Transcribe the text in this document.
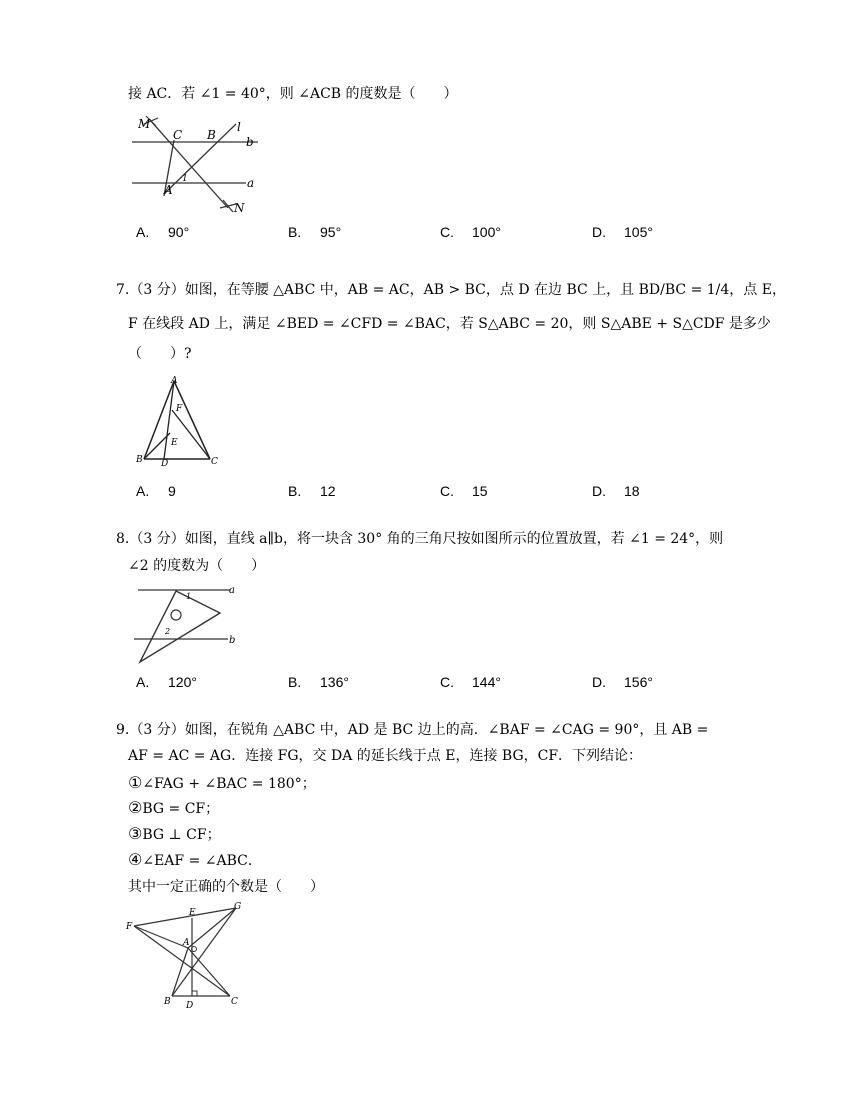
接 AC．若 ∠1 = 40°，则 ∠ACB 的度数是（　　）
M
C B
l
b
a
A
1
N
A. 90°	B. 95°	C. 100°	D. 105°
7.（3 分）如图，在等腰 △ABC 中，AB = AC，AB > BC，点 D 在边 BC 上，且 BD/BC = 1/4，点 E，
F 在线段 AD 上，满足 ∠BED = ∠CFD = ∠BAC，若 S△ABC = 20，则 S△ABE + S△CDF 是多少
（　　）?
A
F
E
B D	C
A. 9	B. 12	C. 15	D. 18
8.（3 分）如图，直线 a∥b，将一块含 30° 角的三角尺按如图所示的位置放置，若 ∠1 = 24°，则
∠2 的度数为（　　）
a
b
1
2
A. 120°	B. 136°	C. 144°	D. 156°
9.（3 分）如图，在锐角 △ABC 中，AD 是 BC 边上的高．∠BAF = ∠CAG = 90°，且 AB =
AF = AC = AG．连接 FG，交 DA 的延长线于点 E，连接 BG，CF．下列结论：
①∠FAG + ∠BAC = 180°；
②BG = CF；
③BG ⊥ CF；
④∠EAF = ∠ABC．
其中一定正确的个数是（　　）
F
E
G
A
B D	C
